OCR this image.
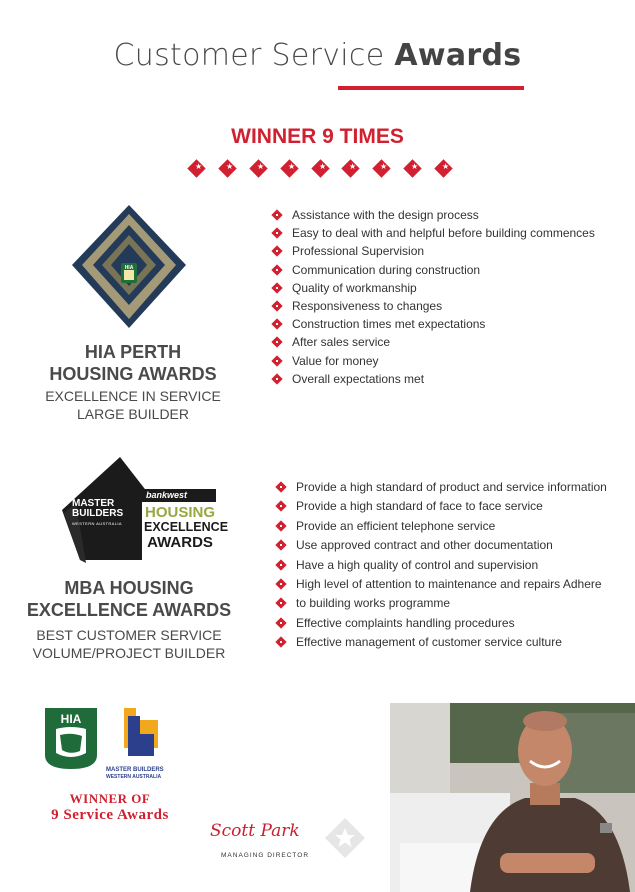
Customer Service Awards
WINNER 9 TIMES
★
★
★
★
★
★
★
★
★
HIA
HIA PERTH
HOUSING AWARDS
EXCELLENCE IN SERVICE
LARGE BUILDER
Assistance with the design process
Easy to deal with and helpful before building commences
Professional Supervision
Communication during construction
Quality of workmanship
Responsiveness to changes
Construction times met expectations
After sales service
Value for money
Overall expectations met
MASTER
BUILDERS
WESTERN AUSTRALIA
bankwest
HOUSING
EXCELLENCE
AWARDS
MBA HOUSING
EXCELLENCE AWARDS
BEST CUSTOMER SERVICE
VOLUME/PROJECT BUILDER
Provide a high standard of product and service information
Provide a high standard of face to face service
Provide an efficient telephone service
Use approved contract and other documentation
Have a high quality of control and supervision
High level of attention to maintenance and repairs Adhere
to building works programme
Effective complaints handling procedures
Effective management of customer service culture
HIA
MASTER BUILDERS
WESTERN AUSTRALIA
WINNER OF
9 Service Awards
Scott Park
MANAGING DIRECTOR
